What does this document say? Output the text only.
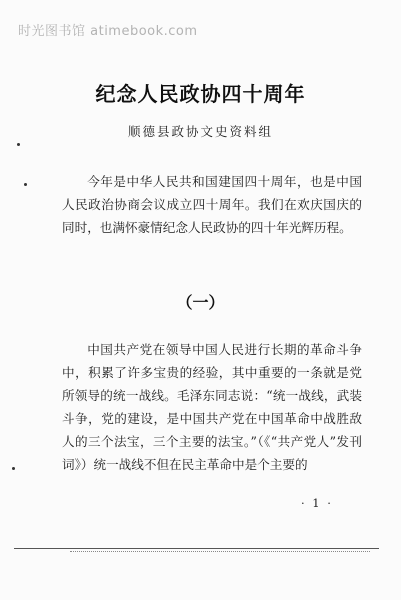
时光图书馆 atimebook.com
纪念人民政协四十周年
顺德县政协文史资料组

今年是中华人民共和国建国四十周年，也是中国人民政治协商会议成立四十周年。我们在欢庆国庆的同时，也满怀豪情纪念人民政协的四十年光辉历程。

（一）

中国共产党在领导中国人民进行长期的革命斗争中，积累了许多宝贵的经验，其中重要的一条就是党所领导的统一战线。毛泽东同志说：“统一战线，武装斗争，党的建设，是中国共产党在中国革命中战胜敌人的三个法宝，三个主要的法宝。”（《“共产党人”发刊词》）统一战线不但在民主革命中是个主要的

· 1 ·
